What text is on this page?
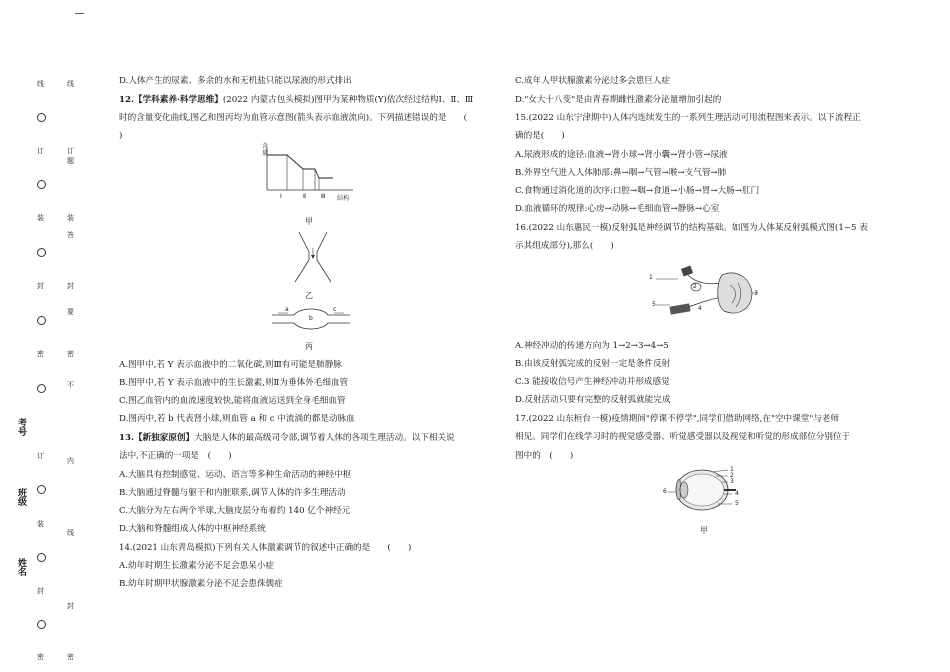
考号
班级
姓名
线
订
装
封
密
订
装
封
密
线
订
题
装
答
封
要
密
不
内
线
封
密
D.人体产生的尿素、多余的水和无机盐只能以尿液的形式排出
12.【学科素养·科学思维】(2022 内蒙古包头模拟)图甲为某种物质(Y)依次经过结构Ⅰ、Ⅱ、Ⅲ
时的含量变化曲线,图乙和图丙均为血管示意图(箭头表示血液流向)。下列描述错误的是　　(
)
含量
Ⅰ	Ⅱ	Ⅲ 结构
甲
乙
a
b
c
丙
A.图甲中,若 Y 表示血液中的二氧化碳,则Ⅲ有可能是肺静脉
B.图甲中,若 Y 表示血液中的生长激素,则Ⅱ为垂体外毛细血管
C.图乙血管内的血流速度较快,能将血液运送到全身毛细血管
D.图丙中,若 b 代表肾小球,则血管 a 和 c 中流淌的都是动脉血
13.【新独家原创】大脑是人体的最高级司令部,调节着人体的各项生理活动。以下相关说
法中,不正确的一项是　(　　)
A.大脑具有控制感觉、运动、语言等多种生命活动的神经中枢
B.大脑通过脊髓与躯干和内脏联系,调节人体的许多生理活动
C.大脑分为左右两个半球,大脑皮层分布着约 140 亿个神经元
D.大脑和脊髓组成人体的中枢神经系统
14.(2021 山东青岛模拟)下列有关人体激素调节的叙述中正确的是　　(　　)
A.幼年时期生长激素分泌不足会患呆小症
B.幼年时期甲状腺激素分泌不足会患侏儒症
C.成年人甲状腺激素分泌过多会患巨人症
D."女大十八变"是由青春期雌性激素分泌量增加引起的
15.(2022 山东宁津期中)人体内连续发生的一系列生理活动可用流程图来表示。以下流程正
确的是(　　)
A.尿液形成的途径:血液→肾小球→肾小囊→肾小管→尿液
B.外界空气进入人体肺部:鼻→咽→气管→喉→支气管→肺
C.食物通过消化道的次序:口腔→咽→食道→小肠→胃→大肠→肛门
D.血液循环的规律:心房→动脉→毛细血管→静脉→心室
16.(2022 山东惠民一模)反射弧是神经调节的结构基础。如图为人体某反射弧模式图(1~5 表
示其组成部分),那么(　　)
1
2
3
4
5
A.神经冲动的传递方向为 1→2→3→4→5
B.由该反射弧完成的反射一定是条件反射
C.3 能接收信号产生神经冲动并形成感觉
D.反射活动只要有完整的反射弧就能完成
17.(2022 山东桓台一模)疫情期间"停课不停学",同学们借助网络,在"空中课堂"与老师
相见。同学们在线学习时的视觉感受器、听觉感受器以及视觉和听觉的形成部位分别位于
图中的　(　　)
1
2
3
4
5
6
甲
